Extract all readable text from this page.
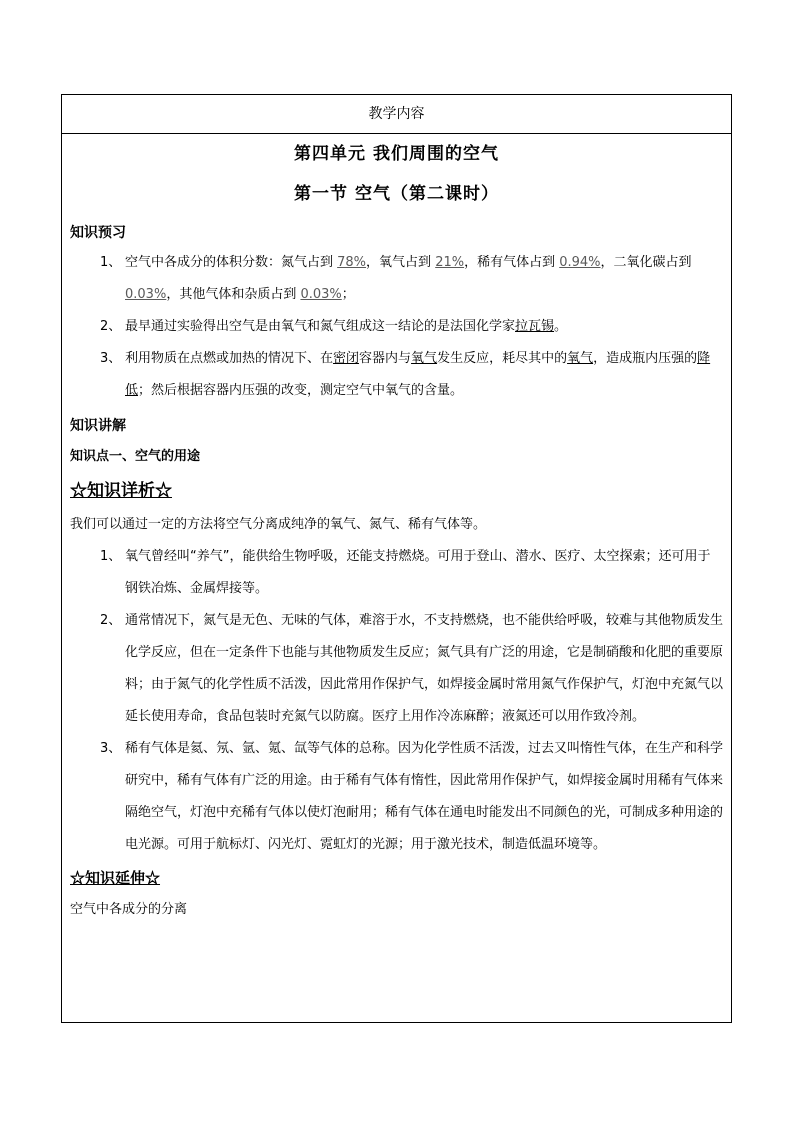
教学内容
第四单元 我们周围的空气
第一节 空气（第二课时）
知识预习
1、 空气中各成分的体积分数：氮气占到 78%，氧气占到 21%，稀有气体占到 0.94%，二氧化碳占到 0.03%，其他气体和杂质占到 0.03%；
2、 最早通过实验得出空气是由氧气和氮气组成这一结论的是法国化学家拉瓦锡。
3、 利用物质在点燃或加热的情况下、在密闭容器内与氧气发生反应，耗尽其中的氧气，造成瓶内压强的降低；然后根据容器内压强的改变，测定空气中氧气的含量。
知识讲解
知识点一、空气的用途
☆知识详析☆
我们可以通过一定的方法将空气分离成纯净的氧气、氮气、稀有气体等。
1、 氧气曾经叫“养气”，能供给生物呼吸，还能支持燃烧。可用于登山、潜水、医疗、太空探索；还可用于钢铁冶炼、金属焊接等。
2、 通常情况下，氮气是无色、无味的气体，难溶于水，不支持燃烧，也不能供给呼吸，较难与其他物质发生化学反应，但在一定条件下也能与其他物质发生反应；氮气具有广泛的用途，它是制硝酸和化肥的重要原料；由于氮气的化学性质不活泼，因此常用作保护气，如焊接金属时常用氮气作保护气，灯泡中充氮气以延长使用寿命，食品包装时充氮气以防腐。医疗上用作冷冻麻醉；液氮还可以用作致冷剂。
3、 稀有气体是氦、氖、氩、氪、氙等气体的总称。因为化学性质不活泼，过去又叫惰性气体，在生产和科学研究中，稀有气体有广泛的用途。由于稀有气体有惰性，因此常用作保护气，如焊接金属时用稀有气体来隔绝空气，灯泡中充稀有气体以使灯泡耐用；稀有气体在通电时能发出不同颜色的光，可制成多种用途的电光源。可用于航标灯、闪光灯、霓虹灯的光源；用于激光技术，制造低温环境等。
☆知识延伸☆
空气中各成分的分离
